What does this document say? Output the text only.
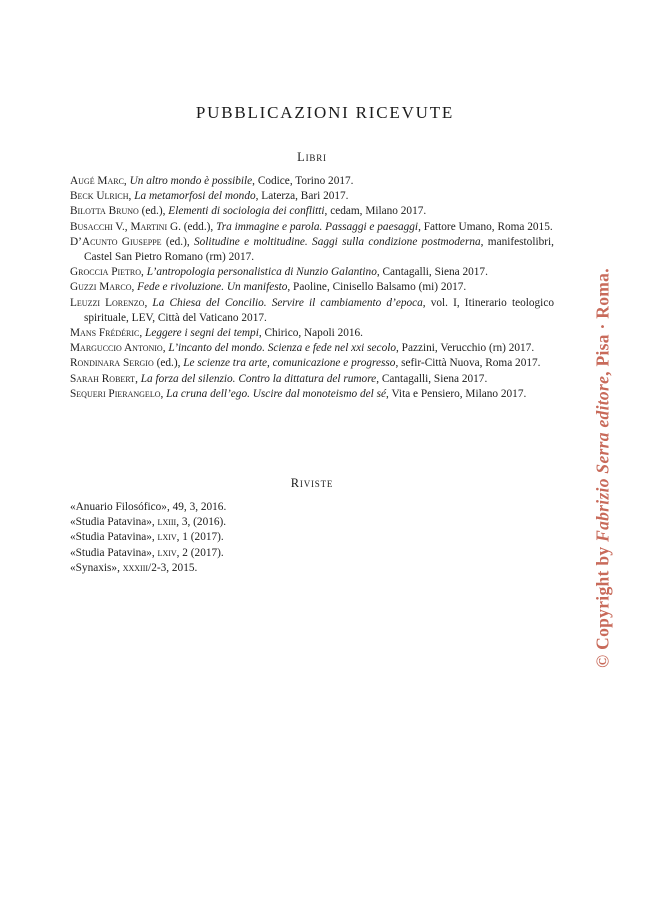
PUBBLICAZIONI RICEVUTE
Libri
Augé Marc, Un altro mondo è possibile, Codice, Torino 2017.
Beck Ulrich, La metamorfosi del mondo, Laterza, Bari 2017.
Bilotta Bruno (ed.), Elementi di sociologia dei conflitti, cedam, Milano 2017.
Busacchi V., Martini G. (edd.), Tra immagine e parola. Passaggi e paesaggi, Fattore Umano, Roma 2015.
D’Acunto Giuseppe (ed.), Solitudine e moltitudine. Saggi sulla condizione postmoderna, manifestolibri, Castel San Pietro Romano (rm) 2017.
Groccia Pietro, L’antropologia personalistica di Nunzio Galantino, Cantagalli, Siena 2017.
Guzzi Marco, Fede e rivoluzione. Un manifesto, Paoline, Cinisello Balsamo (mi) 2017.
Leuzzi Lorenzo, La Chiesa del Concilio. Servire il cambiamento d’epoca, vol. I, Itinerario teologico spirituale, LEV, Città del Vaticano 2017.
Mans Frédéric, Leggere i segni dei tempi, Chirico, Napoli 2016.
Marguccio Antonio, L’incanto del mondo. Scienza e fede nel xxi secolo, Pazzini, Verucchio (rn) 2017.
Rondinara Sergio (ed.), Le scienze tra arte, comunicazione e progresso, sefir-Città Nuova, Roma 2017.
Sarah Robert, La forza del silenzio. Contro la dittatura del rumore, Cantagalli, Siena 2017.
Sequeri Pierangelo, La cruna dell’ego. Uscire dal monoteismo del sé, Vita e Pensiero, Milano 2017.
Riviste
«Anuario Filosófico», 49, 3, 2016.
«Studia Patavina», lxiii, 3, (2016).
«Studia Patavina», lxiv, 1 (2017).
«Studia Patavina», lxiv, 2 (2017).
«Synaxis», xxxiii/2-3, 2015.	© Copyright by Fabrizio Serra editore, Pisa · Roma.
